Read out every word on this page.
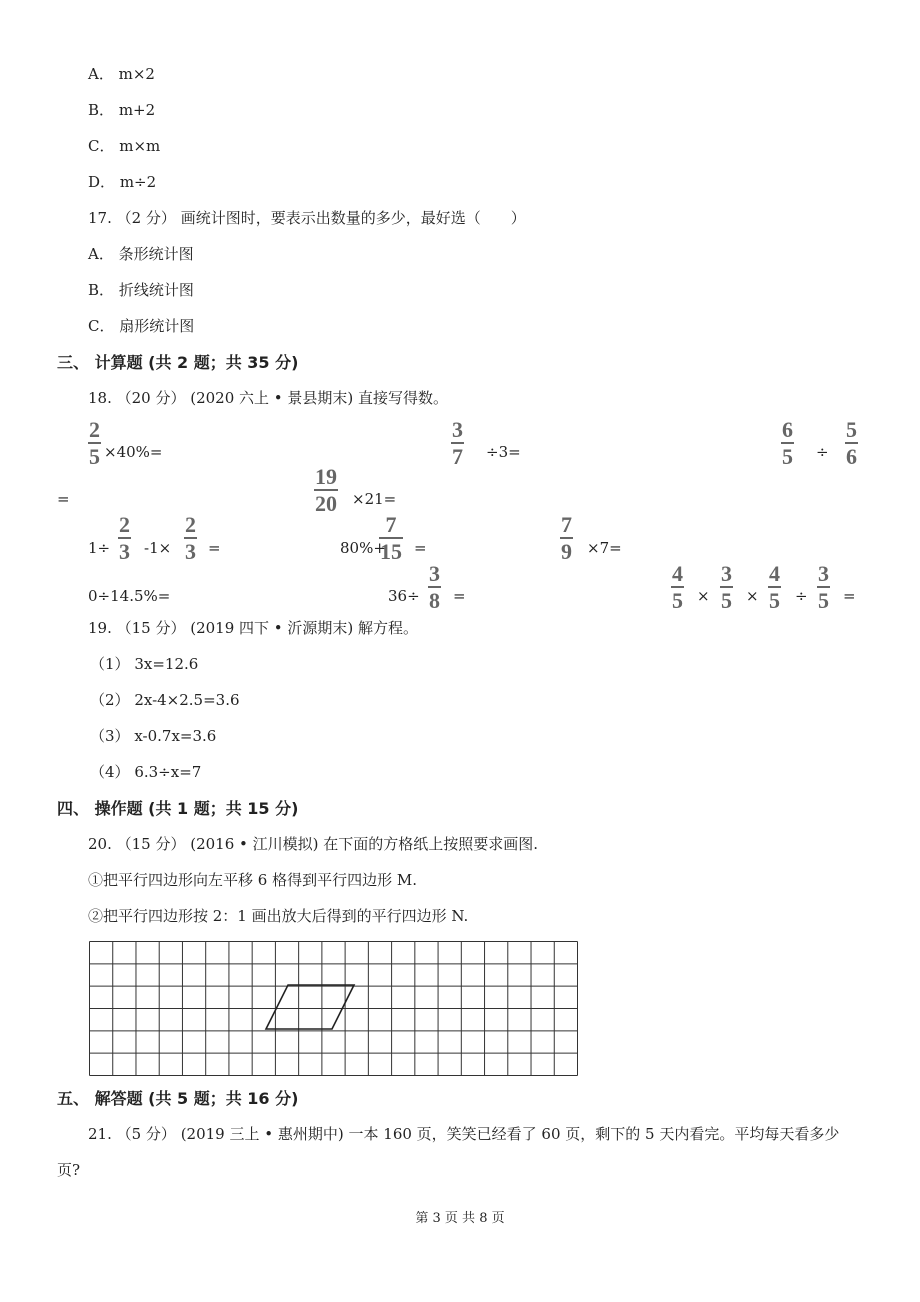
A． m×2
B． m+2
C． m×m
D． m÷2
17. （2 分） 画统计图时，要表示出数量的多少，最好选（　　）
A． 条形统计图
B． 折线统计图
C． 扇形统计图
三、 计算题 (共 2 题；共 35 分)
18. （20 分） (2020 六上 • 景县期末) 直接写得数。
2
5 ×40%=
3
7 ÷3=
6
5 ÷
5
6
=
19
20 ×21=
1÷
2
3 -1×
2
3 =	80%+
7
15 =
7
9 ×7=
0÷14.5%=	36÷
3
8 =
4
5 ×
3
5 ×
4
5 ÷
3
5 =
19. （15 分） (2019 四下 • 沂源期末) 解方程。
（1） 3x=12.6
（2） 2x-4×2.5=3.6
（3） x-0.7x=3.6
（4） 6.3÷x=7
四、 操作题 (共 1 题；共 15 分)
20. （15 分） (2016 • 江川模拟) 在下面的方格纸上按照要求画图.
①把平行四边形向左平移 6 格得到平行四边形 M.
②把平行四边形按 2：1 画出放大后得到的平行四边形 N.
五、 解答题 (共 5 题；共 16 分)
21. （5 分） (2019 三上 • 惠州期中) 一本 160 页，笑笑已经看了 60 页，剩下的 5 天内看完。平均每天看多少
页?
第 3 页 共 8 页
